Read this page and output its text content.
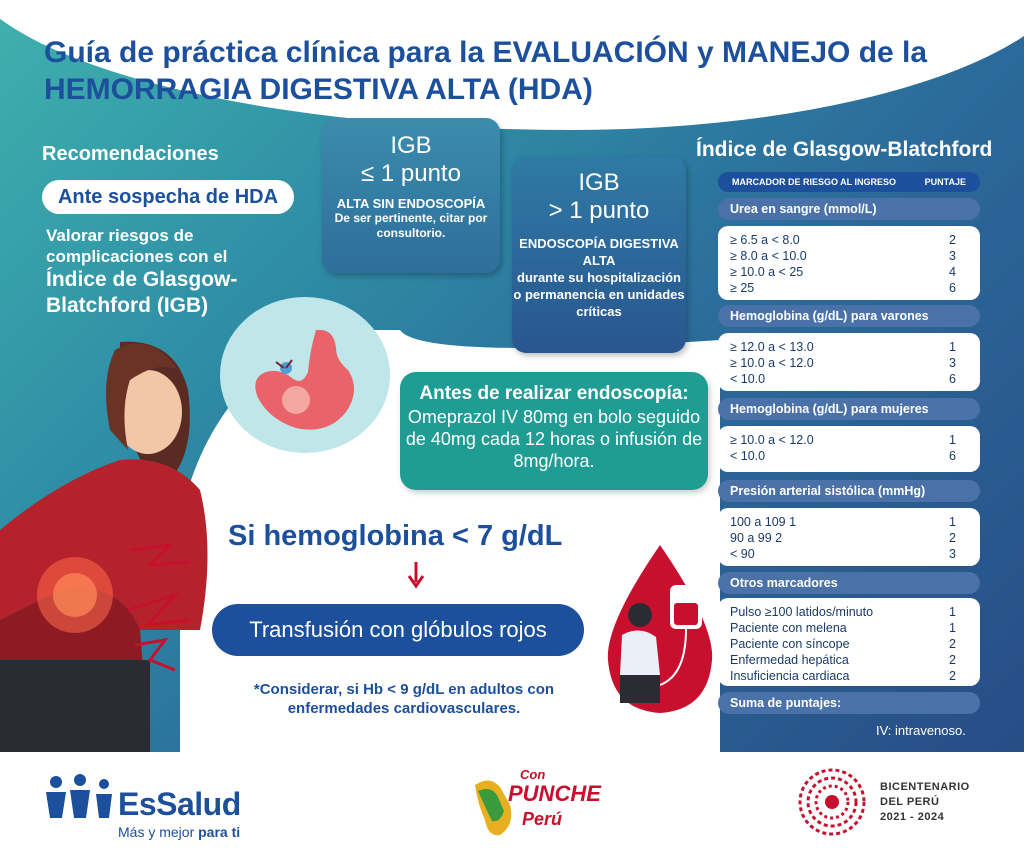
Guía de práctica clínica para la EVALUACIÓN y MANEJO de la HEMORRAGIA DIGESTIVA ALTA (HDA)
Recomendaciones
Ante sospecha de HDA
Valorar riesgos de complicaciones con el
Índice de Glasgow-Blatchford (IGB)
IGB
≤ 1 punto
ALTA SIN ENDOSCOPÍA
De ser pertinente, citar por consultorio.
IGB
> 1 punto
ENDOSCOPÍA DIGESTIVA ALTA
durante su hospitalización o permanencia en unidades críticas
Antes de realizar endoscopía:
Omeprazol IV 80mg en bolo seguido de 40mg cada 12 horas o infusión de 8mg/hora.
Si hemoglobina < 7 g/dL
Transfusión con glóbulos rojos
*Considerar, si Hb < 9 g/dL en adultos con enfermedades cardiovasculares.
Índice de Glasgow-Blatchford
MARCADOR DE RIESGO AL INGRESO	PUNTAJE
Urea en sangre (mmol/L)
≥ 6.5 a < 8.0	2
≥ 8.0 a < 10.0	3
≥ 10.0 a < 25	4
≥ 25	6
Hemoglobina (g/dL) para varones
≥ 12.0 a < 13.0	1
≥ 10.0 a < 12.0	3
< 10.0	6
Hemoglobina (g/dL) para mujeres
≥ 10.0 a < 12.0	1
< 10.0	6
Presión arterial sistólica (mmHg)
100 a 109 1	1
90 a 99 2	2
< 90	3
Otros marcadores
Pulso ≥100 latidos/minuto	1
Paciente con melena	1
Paciente con síncope	2
Enfermedad hepática	2
Insuficiencia cardiaca	2
Suma de puntajes:
IV: intravenoso.
EsSalud
Más y mejor para ti
Con
PUNCHE
Perú
BICENTENARIO
DEL PERÚ
2021 - 2024
